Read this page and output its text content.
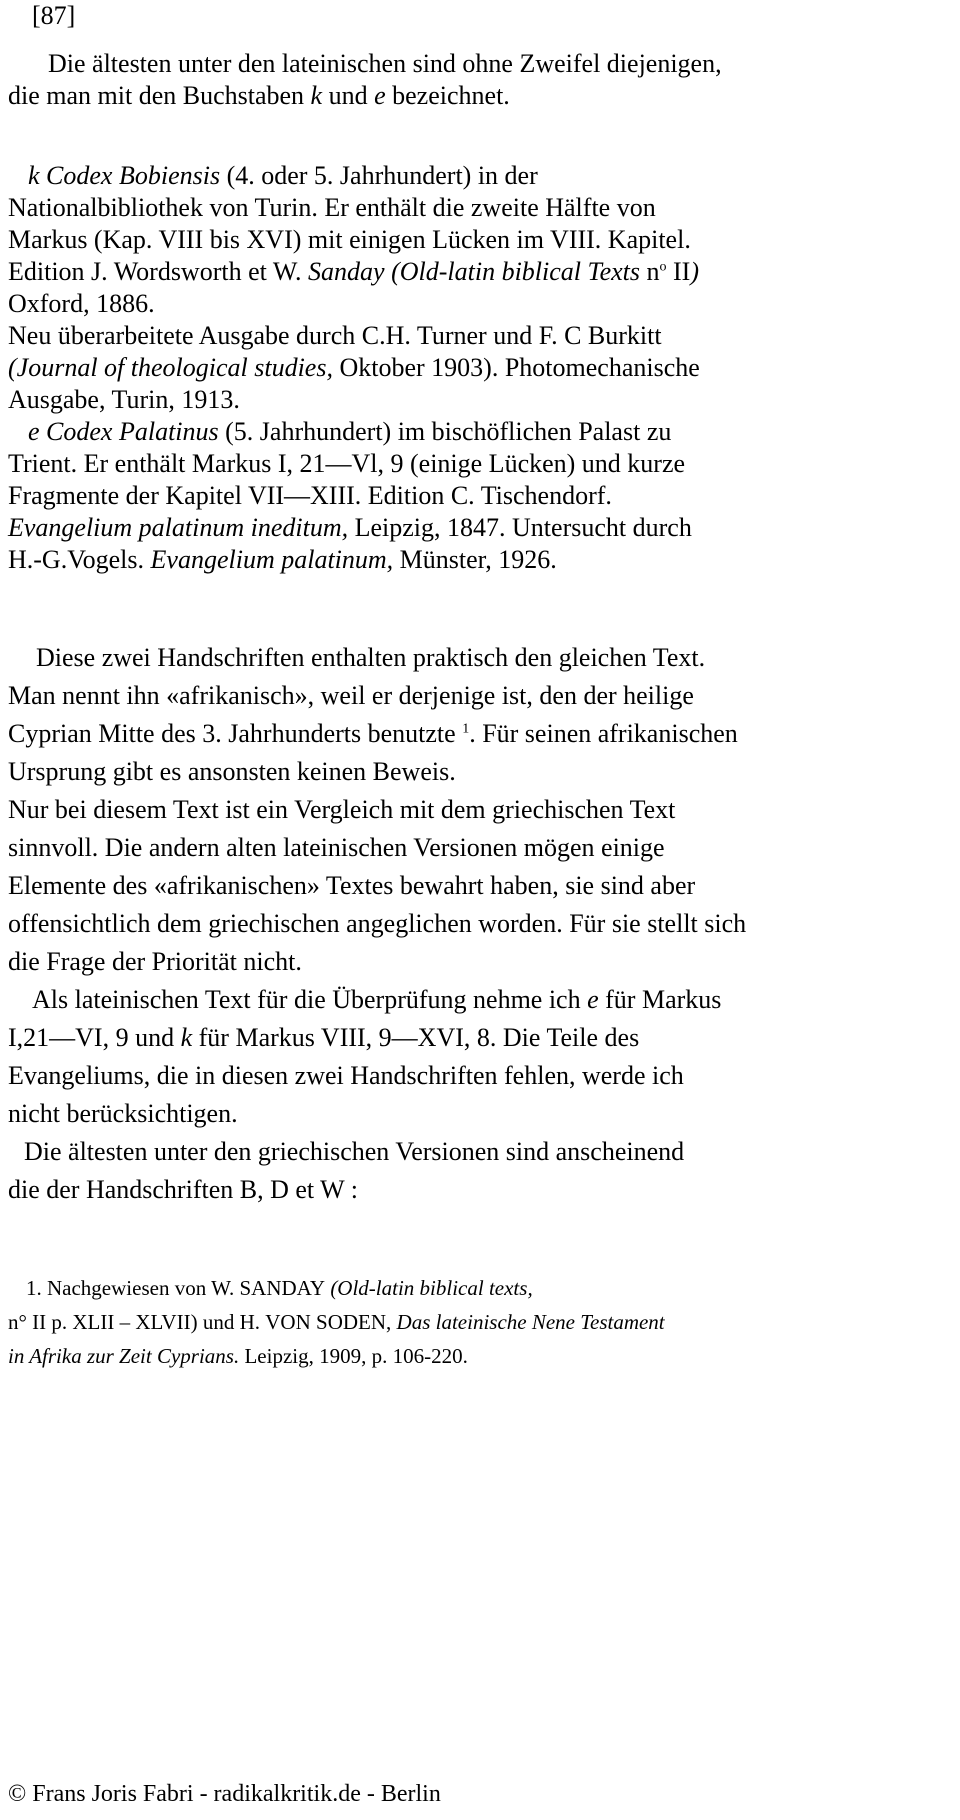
[87]
Die ältesten unter den lateinischen sind ohne Zweifel diejenigen,
die man mit den Buchstaben k und e bezeichnet.
k Codex Bobiensis (4. oder 5. Jahrhundert) in der
Nationalbibliothek von Turin. Er enthält die zweite Hälfte von
Markus (Kap. VIII bis XVI) mit einigen Lücken im VIII. Kapitel.
Edition J. Wordsworth et W. Sanday (Old-latin biblical Texts $n^o$ II)
Oxford, 1886.
Neu überarbeitete Ausgabe durch C.H. Turner und F. C Burkitt
(Journal of theological studies, Oktober 1903). Photomechanische
Ausgabe, Turin, 1913.
e Codex Palatinus (5. Jahrhundert) im bischöflichen Palast zu
Trient. Er enthält Markus I, 21—Vl, 9 (einige Lücken) und kurze
Fragmente der Kapitel VII—XIII. Edition C. Tischendorf.
Evangelium palatinum ineditum, Leipzig, 1847. Untersucht durch
H.-G.Vogels. Evangelium palatinum, Münster, 1926.
Diese zwei Handschriften enthalten praktisch den gleichen Text.
Man nennt ihn «afrikanisch», weil er derjenige ist, den der heilige
Cyprian Mitte des 3. Jahrhunderts benutzte $^1$. Für seinen afrikanischen
Ursprung gibt es ansonsten keinen Beweis.
Nur bei diesem Text ist ein Vergleich mit dem griechischen Text
sinnvoll. Die andern alten lateinischen Versionen mögen einige
Elemente des «afrikanischen» Textes bewahrt haben, sie sind aber
offensichtlich dem griechischen angeglichen worden. Für sie stellt sich
die Frage der Priorität nicht.
Als lateinischen Text für die Überprüfung nehme ich e für Markus
I,21—VI, 9 und k für Markus VIII, 9—XVI, 8. Die Teile des
Evangeliums, die in diesen zwei Handschriften fehlen, werde ich
nicht berücksichtigen.
Die ältesten unter den griechischen Versionen sind anscheinend
die der Handschriften B, D et W :
1. Nachgewiesen von W. SANDAY (Old-latin biblical texts,
n° II p. XLII – XLVII) und H. VON SODEN, Das lateinische Nene Testament
in Afrika zur Zeit Cyprians. Leipzig, 1909, p. 106-220.
© Frans Joris Fabri - radikalkritik.de - Berlin
